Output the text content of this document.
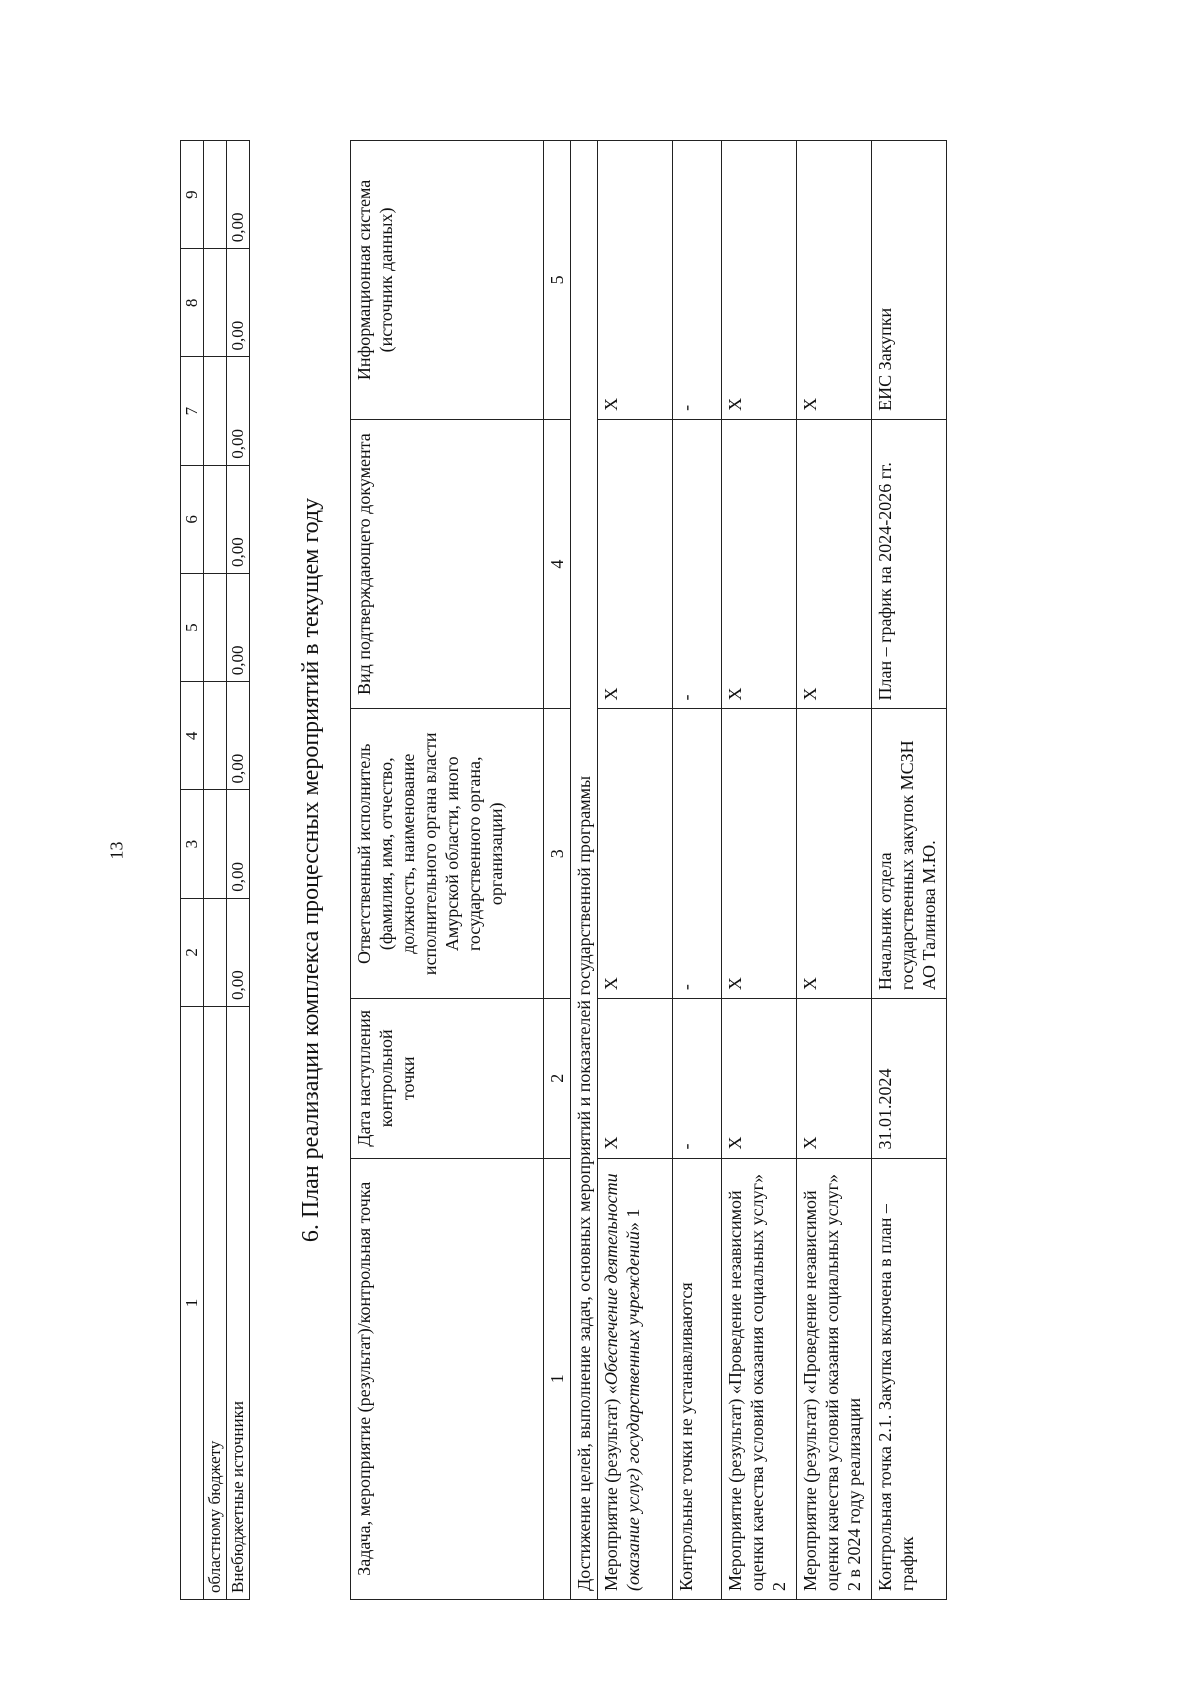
13
1	2	3	4	5	6	7	8	9
областному бюджету								
Внебюджетные источники	0,00	0,00	0,00	0,00	0,00	0,00	0,00	0,00
6. План реализации комплекса процессных мероприятий в текущем году
Задача, мероприятие (результат)/контрольная точка	Дата наступления контрольной точки	Ответственный исполнитель (фамилия, имя, отчество, должность, наименование исполнительного органа власти Амурской области, иного государственного органа, организации)	Вид подтверждающего документа	Информационная система (источник данных)
1	2	3	4	5
Достижение целей, выполнение задач, основных мероприятий и показателей государственной программы				
Мероприятие (результат) «Обеспечение деятельности (оказание услуг) государственных учреждений» 1	X	X	X	X
Контрольные точки не устанавливаются	-	-	-	-
Мероприятие (результат) «Проведение независимой оценки качества условий оказания социальных услуг» 2	X	X	X	X
Мероприятие (результат) «Проведение независимой оценки качества условий оказания социальных услуг» 2 в 2024 году реализации	X	X	X	X
Контрольная точка 2.1. Закупка включена в план – график	31.01.2024	Начальник отдела государственных закупок МСЗН АО Талинова М.Ю.	План – график на 2024-2026 гг.	ЕИС Закупки
